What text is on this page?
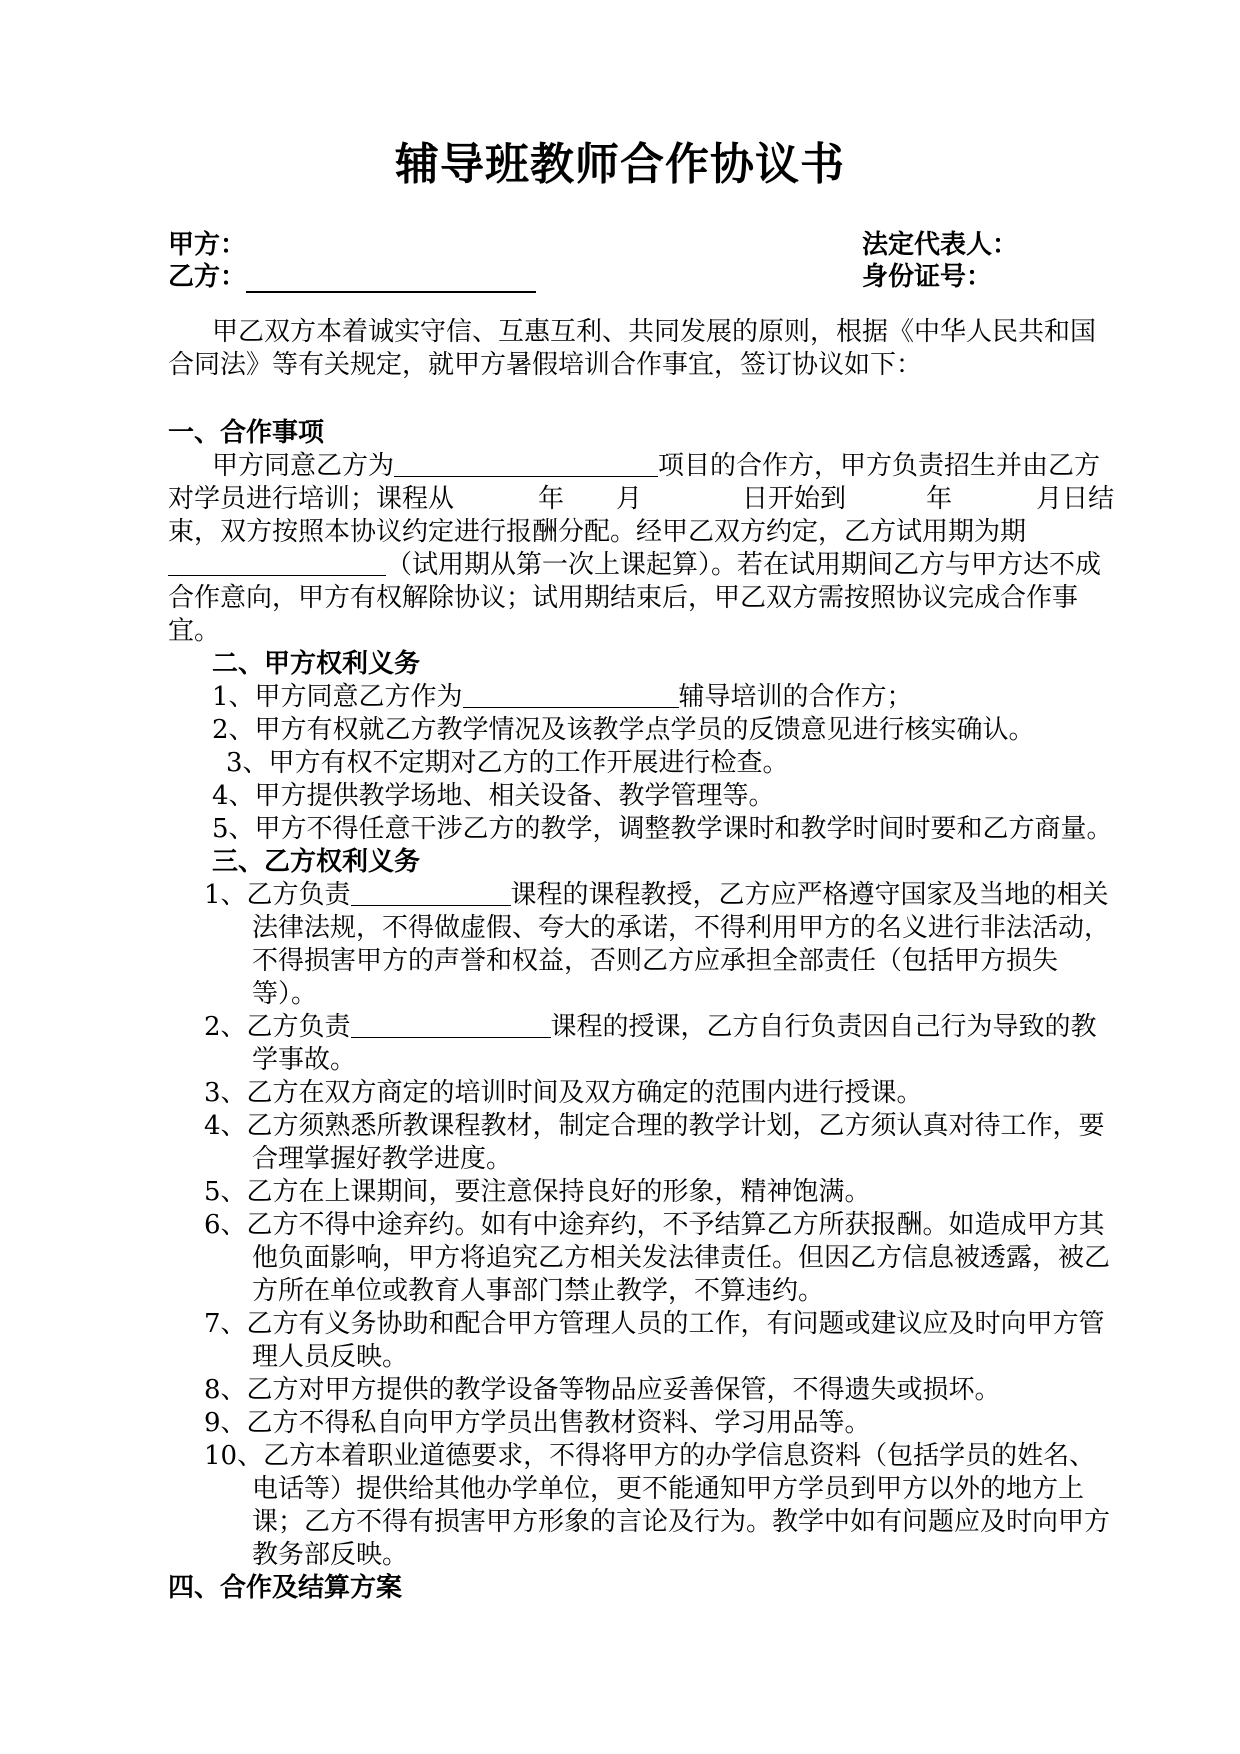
辅导班教师合作协议书
甲方：	法定代表人：
乙方：	身份证号：

甲乙双方本着诚实守信、互惠互利、共同发展的原则，根据《中华人民共和国合同法》等有关规定，就甲方暑假培训合作事宜，签订协议如下：

一、合作事项

甲方同意乙方为	项目的合作方，甲方负责招生并由乙方对学员进行培训；课程从	年 月	日开始到	年	月日结束，双方按照本协议约定进行报酬分配。经甲乙双方约定，乙方试用期为期（试用期从第一次上课起算）。若在试用期间乙方与甲方达不成合作意向，甲方有权解除协议；试用期结束后，甲乙双方需按照协议完成合作事宜。

二、甲方权利义务

1、甲方同意乙方作为	辅导培训的合作方；

2、甲方有权就乙方教学情况及该教学点学员的反馈意见进行核实确认。

3、甲方有权不定期对乙方的工作开展进行检查。

4、甲方提供教学场地、相关设备、教学管理等。

5、甲方不得任意干涉乙方的教学，调整教学课时和教学时间时要和乙方商量。

三、乙方权利义务

1、乙方负责	课程的课程教授，乙方应严格遵守国家及当地的相关法律法规，不得做虚假、夸大的承诺，不得利用甲方的名义进行非法活动，不得损害甲方的声誉和权益，否则乙方应承担全部责任（包括甲方损失等）。

2、乙方负责	课程的授课，乙方自行负责因自己行为导致的教学事故。

3、乙方在双方商定的培训时间及双方确定的范围内进行授课。

4、乙方须熟悉所教课程教材，制定合理的教学计划，乙方须认真对待工作，要合理掌握好教学进度。

5、乙方在上课期间，要注意保持良好的形象，精神饱满。

6、乙方不得中途弃约。如有中途弃约，不予结算乙方所获报酬。如造成甲方其他负面影响，甲方将追究乙方相关发法律责任。但因乙方信息被透露，被乙方所在单位或教育人事部门禁止教学，不算违约。

7、乙方有义务协助和配合甲方管理人员的工作，有问题或建议应及时向甲方管理人员反映。

8、乙方对甲方提供的教学设备等物品应妥善保管，不得遗失或损坏。

9、乙方不得私自向甲方学员出售教材资料、学习用品等。

10、乙方本着职业道德要求，不得将甲方的办学信息资料（包括学员的姓名、电话等）提供给其他办学单位，更不能通知甲方学员到甲方以外的地方上课；乙方不得有损害甲方形象的言论及行为。教学中如有问题应及时向甲方教务部反映。

四、合作及结算方案
